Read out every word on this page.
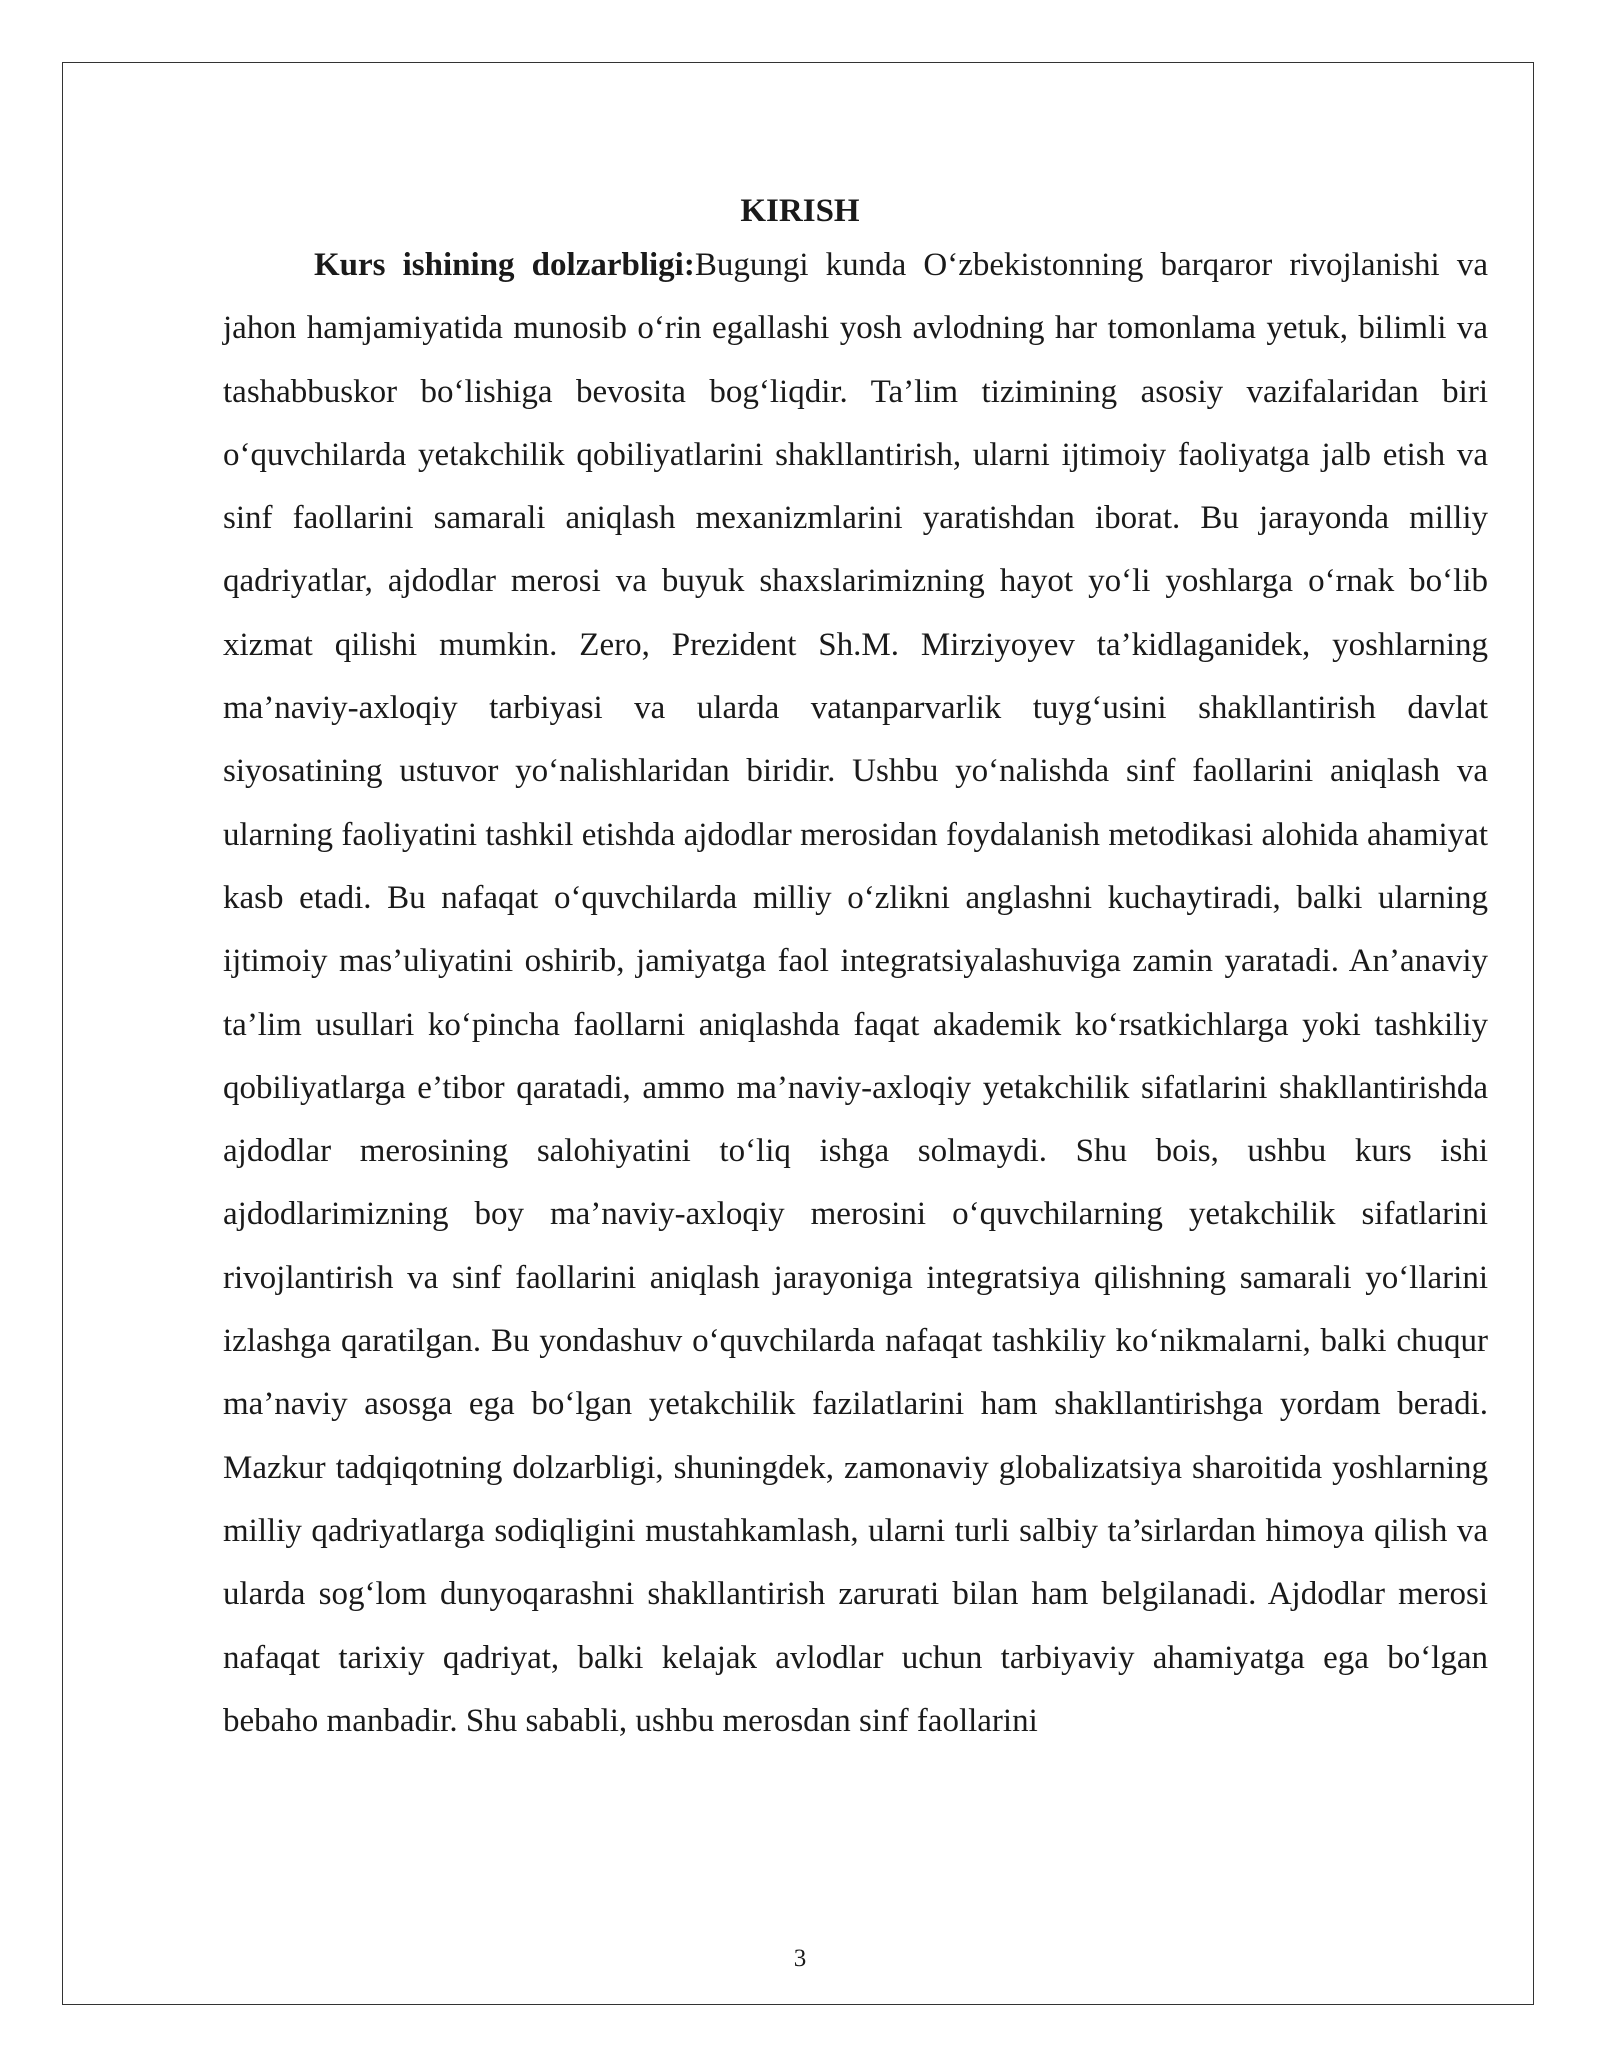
KIRISH

Kurs ishining dolzarbligi:Bugungi kunda O‘zbekistonning barqaror rivojlanishi va jahon hamjamiyatida munosib o‘rin egallashi yosh avlodning har tomonlama yetuk, bilimli va tashabbuskor bo‘lishiga bevosita bog‘liqdir. Ta’lim tizimining asosiy vazifalaridan biri o‘quvchilarda yetakchilik qobiliyatlarini shakllantirish, ularni ijtimoiy faoliyatga jalb etish va sinf faollarini samarali aniqlash mexanizmlarini yaratishdan iborat. Bu jarayonda milliy qadriyatlar, ajdodlar merosi va buyuk shaxslarimizning hayot yo‘li yoshlarga o‘rnak bo‘lib xizmat qilishi mumkin. Zero, Prezident Sh.M. Mirziyoyev ta’kidlaganidek, yoshlarning ma’naviy-axloqiy tarbiyasi va ularda vatanparvarlik tuyg‘usini shakllantirish davlat siyosatining ustuvor yo‘nalishlaridan biridir. Ushbu yo‘nalishda sinf faollarini aniqlash va ularning faoliyatini tashkil etishda ajdodlar merosidan foydalanish metodikasi alohida ahamiyat kasb etadi. Bu nafaqat o‘quvchilarda milliy o‘zlikni anglashni kuchaytiradi, balki ularning ijtimoiy mas’uliyatini oshirib, jamiyatga faol integratsiyalashuviga zamin yaratadi. An’anaviy ta’lim usullari ko‘pincha faollarni aniqlashda faqat akademik ko‘rsatkichlarga yoki tashkiliy qobiliyatlarga e’tibor qaratadi, ammo ma’naviy-axloqiy yetakchilik sifatlarini shakllantirishda ajdodlar merosining salohiyatini to‘liq ishga solmaydi. Shu bois, ushbu kurs ishi ajdodlarimizning boy ma’naviy-axloqiy merosini o‘quvchilarning yetakchilik sifatlarini rivojlantirish va sinf faollarini aniqlash jarayoniga integratsiya qilishning samarali yo‘llarini izlashga qaratilgan. Bu yondashuv o‘quvchilarda nafaqat tashkiliy ko‘nikmalarni, balki chuqur ma’naviy asosga ega bo‘lgan yetakchilik fazilatlarini ham shakllantirishga yordam beradi. Mazkur tadqiqotning dolzarbligi, shuningdek, zamonaviy globalizatsiya sharoitida yoshlarning milliy qadriyatlarga sodiqligini mustahkamlash, ularni turli salbiy ta’sirlardan himoya qilish va ularda sog‘lom dunyoqarashni shakllantirish zarurati bilan ham belgilanadi. Ajdodlar merosi nafaqat tarixiy qadriyat, balki kelajak avlodlar uchun tarbiyaviy ahamiyatga ega bo‘lgan bebaho manbadir. Shu sababli, ushbu merosdan sinf faollarini

3
